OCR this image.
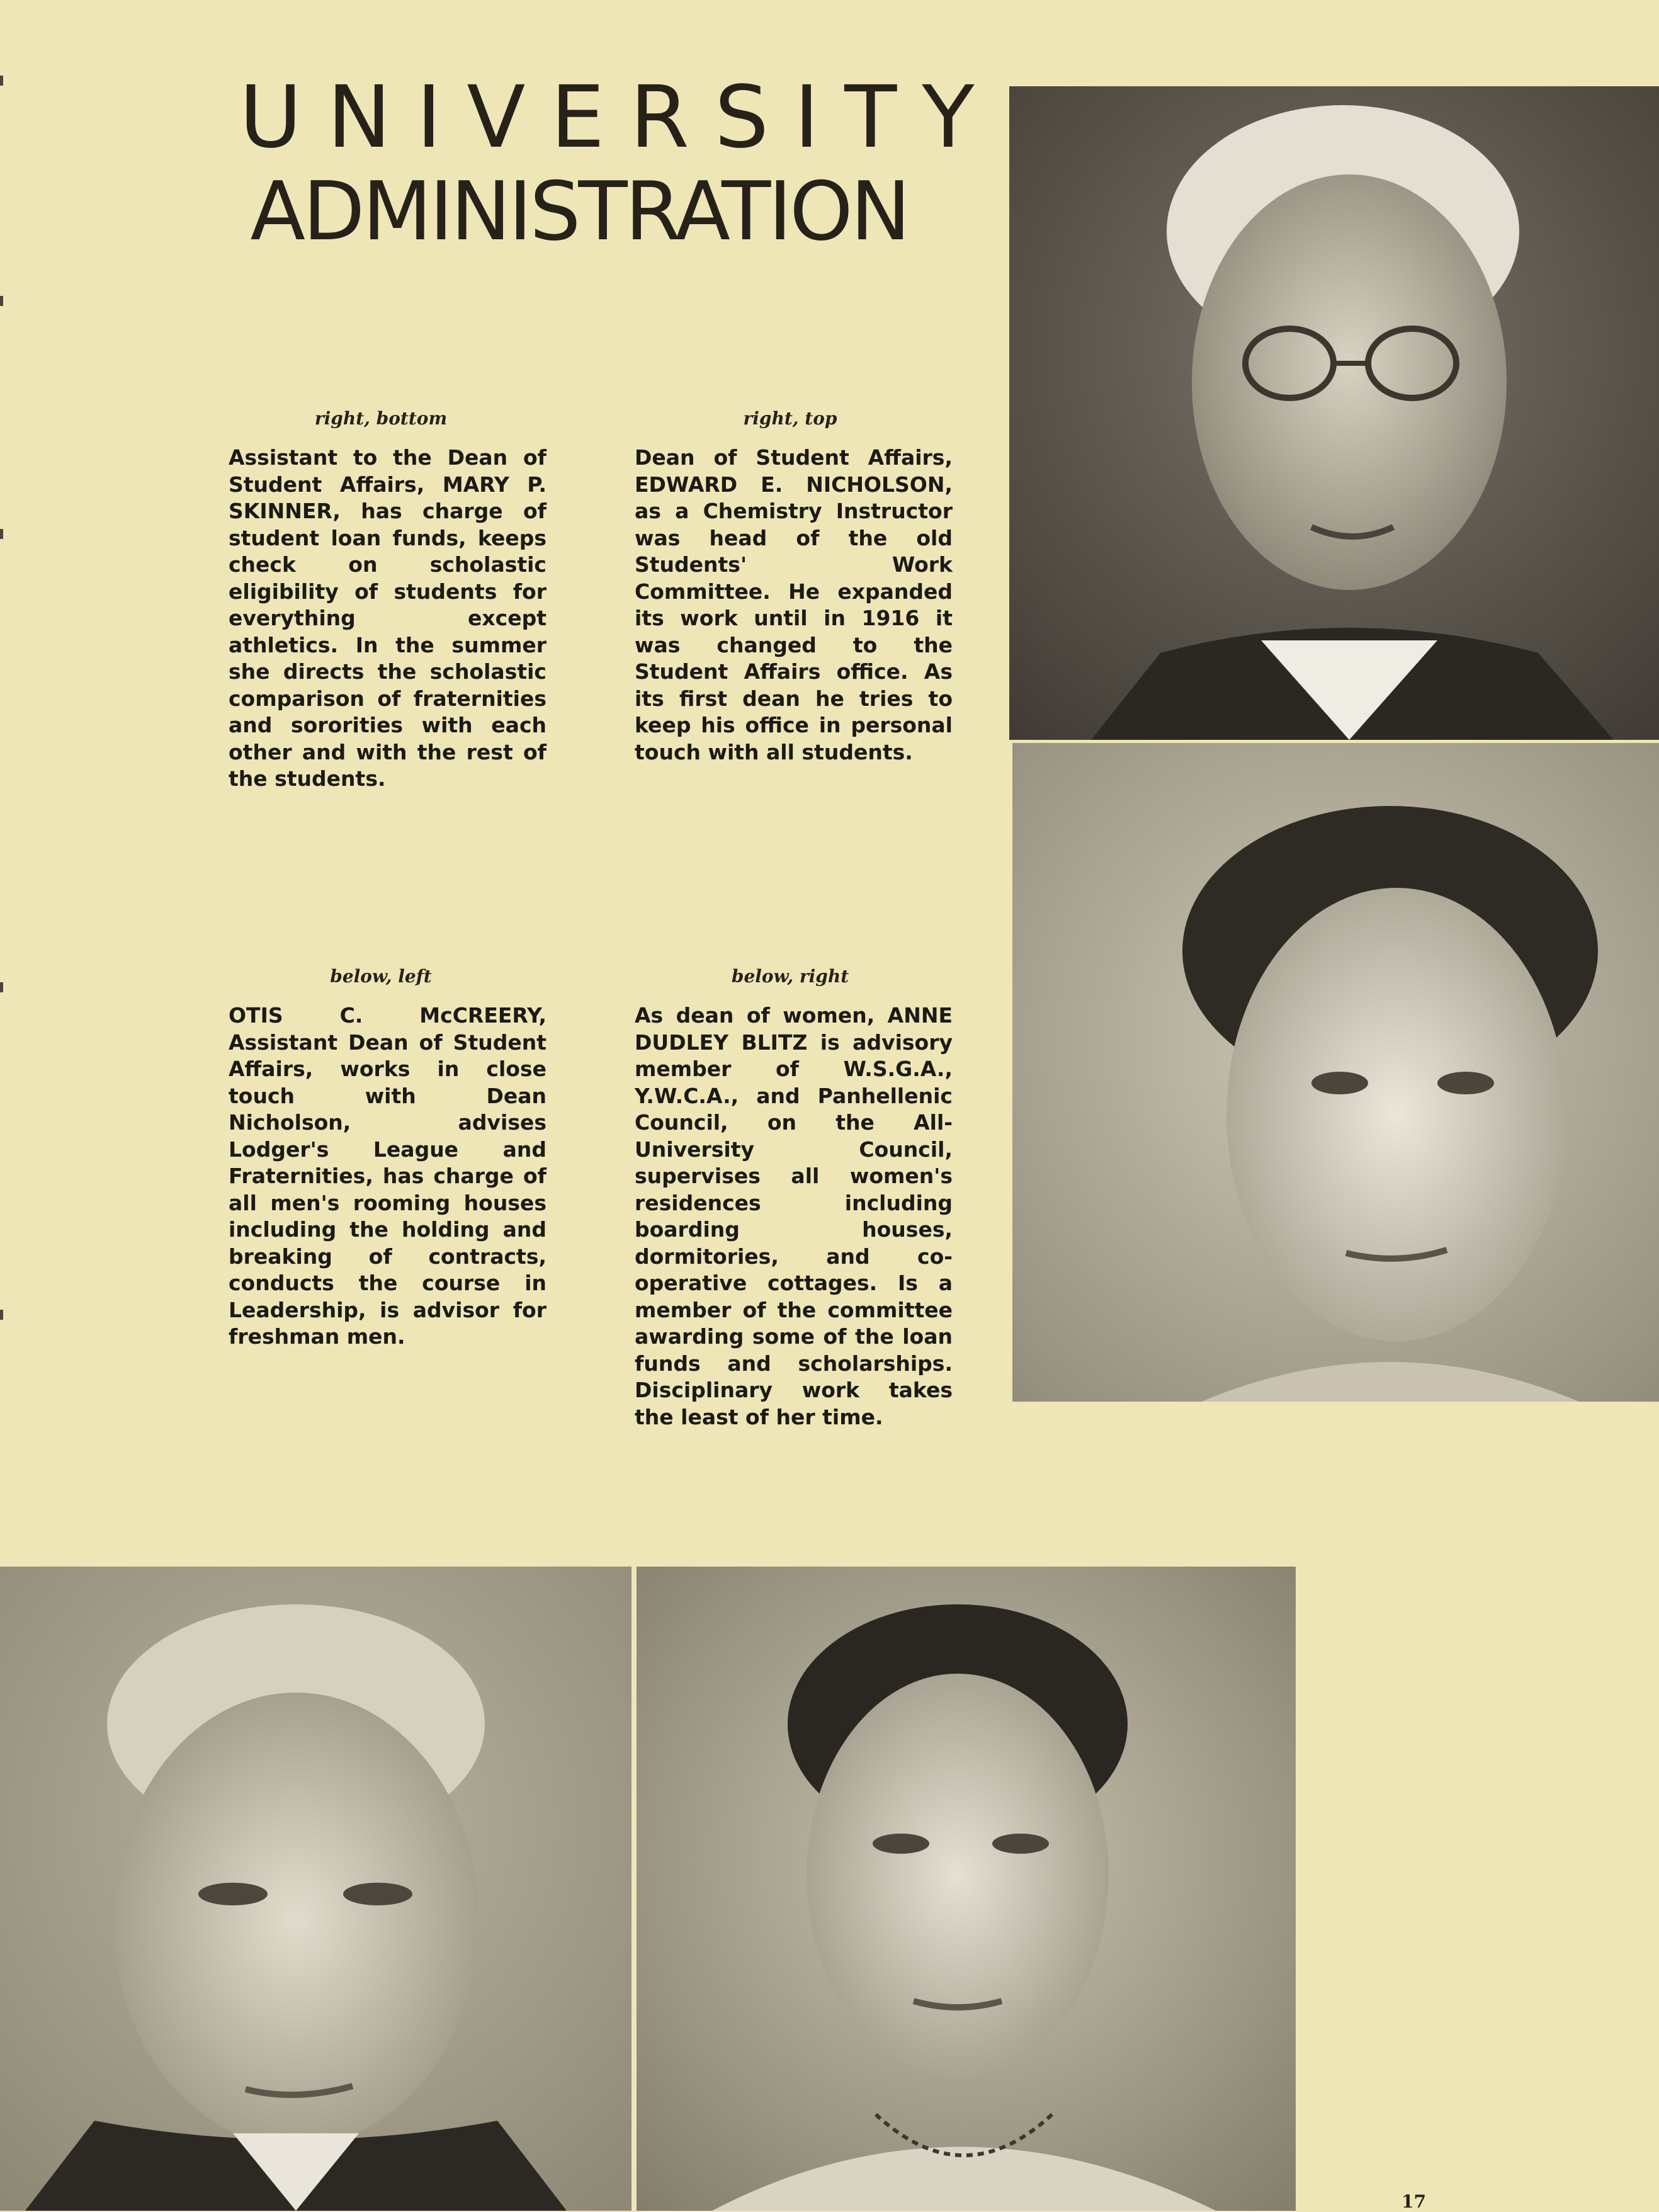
UNIVERSITY
ADMINISTRATION
right, bottom
Assistant to the Dean of Student Affairs, MARY P. SKINNER, has charge of student loan funds, keeps check on scholastic eligibility of students for everything except athletics. In the summer she directs the scholastic comparison of fraternities and sororities with each other and with the rest of the students.
right, top
Dean of Student Affairs, EDWARD E. NICHOLSON, as a Chemistry Instructor was head of the old Students' Work Committee. He expanded its work until in 1916 it was changed to the Student Affairs office. As its first dean he tries to keep his office in personal touch with all students.
below, left
OTIS C. McCREERY, Assistant Dean of Student Affairs, works in close touch with Dean Nicholson, advises Lodger's League and Fraternities, has charge of all men's rooming houses including the holding and breaking of contracts, conducts the course in Leadership, is advisor for freshman men.
below, right
As dean of women, ANNE DUDLEY BLITZ is advisory member of W.S.G.A., Y.W.C.A., and Panhellenic Council, on the All-University Council, supervises all women's residences including boarding houses, dormitories, and co-operative cottages. Is a member of the committee awarding some of the loan funds and scholarships. Disciplinary work takes the least of her time.
17
